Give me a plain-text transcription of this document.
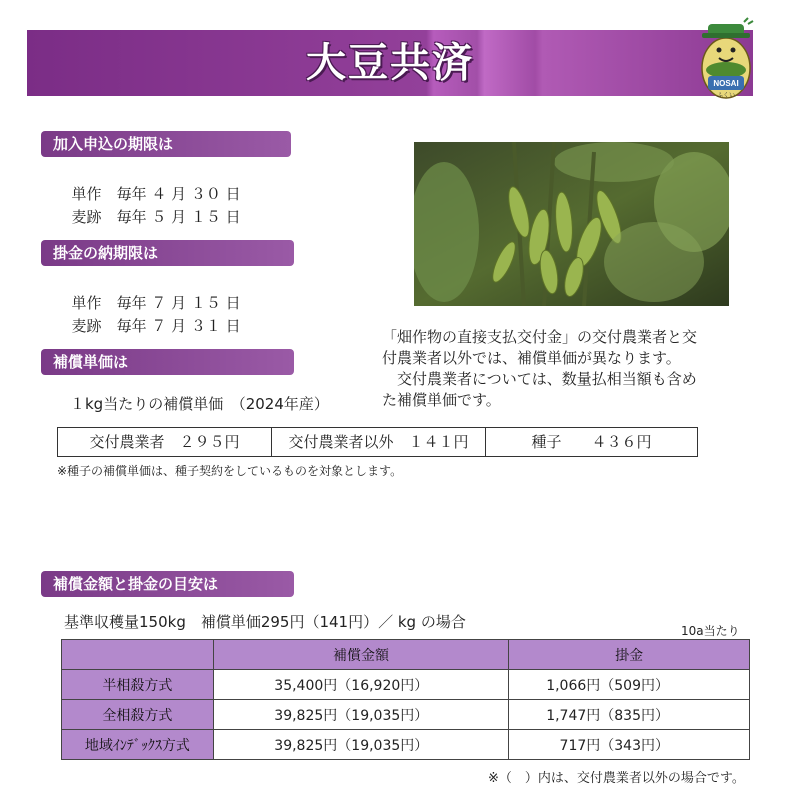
大豆共済	NOSAI
ふくい
加入申込の期限は

単作　 毎年 ４ 月 ３０ 日

麦跡　 毎年 ５ 月 １５ 日

掛金の納期限は

単作　 毎年 ７ 月 １５ 日

麦跡　 毎年 ７ 月 ３１ 日

「畑作物の直接支払交付金」の交付農業者と交

付農業者以外では、補償単価が異なります。

　交付農業者については、数量払相当額も含め

た補償単価です。

補償単価は
１kg当たりの補償単価　（2024年産）
交付農業者　 ２９５円	交付農業者以外　 １４１円	種子　　 ４３６円
※種子の補償単価は、種子契約をしているものを対象とします。
補償金額と掛金の目安は
基準収穫量150kg　補償単価295円（141円）／ kg の場合	10a当たり
	補償金額	掛金
半相殺方式	35,400円（16,920円）	1,066円（509円）
全相殺方式	39,825円（19,035円）	1,747円（835円）
地域ｲﾝﾃﾞｯｸｽ方式	39,825円（19,035円）	717円（343円）
※（　）内は、交付農業者以外の場合です。
